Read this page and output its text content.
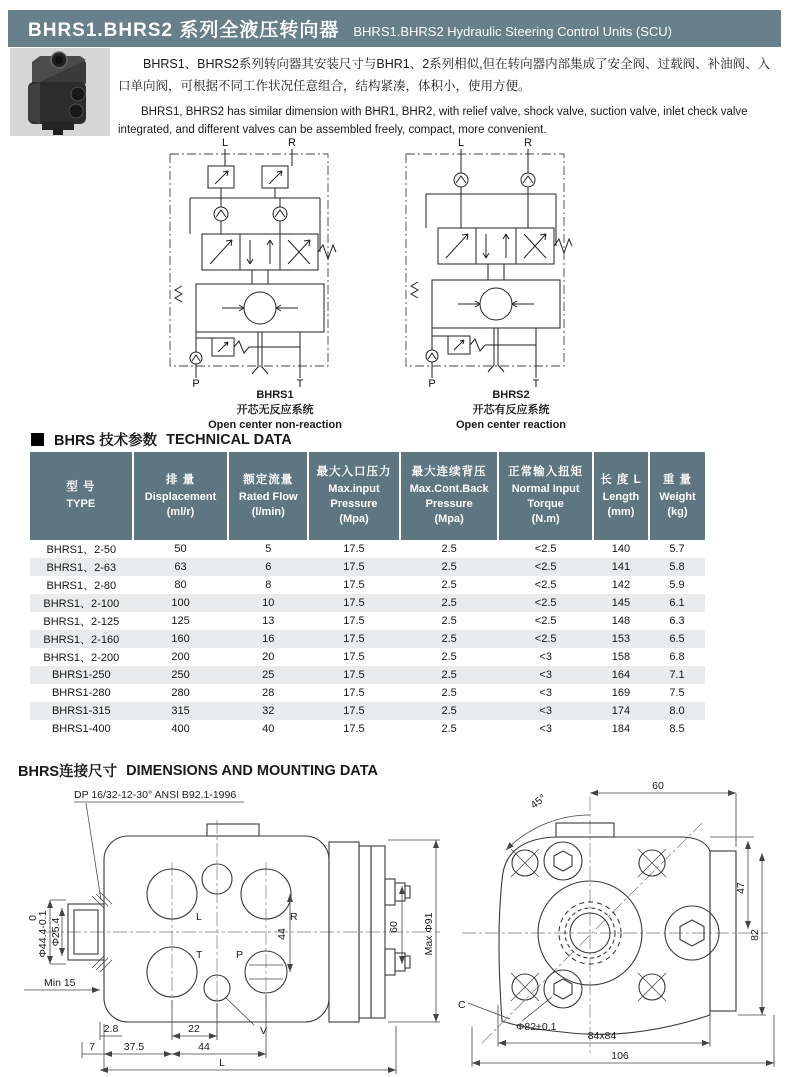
BHRS1.BHRS2 系列全液压转向器 BHRS1.BHRS2 Hydraulic Steering Control Units (SCU)

BHRS1、BHRS2系列转向器其安装尺寸与BHR1、2系列相似,但在转向器内部集成了安全阀、过载阀、补油阀、入口单向阀，可根据不同工作状况任意组合，结构紧凑，体积小，使用方便。

BHRS1, BHRS2 has similar dimension with BHR1, BHR2, with relief valve, shock valve, suction valve, inlet check valve integrated, and different valves can be assembled freely, compact, more convenient.

L	R
P	T
BHRS1
开芯无反应系统
Open center non-reaction
L	R
P	T
BHRS2
开芯有反应系统
Open center reaction
BHRS 技术参数 TECHNICAL DATA
型 号
TYPE

排 量
Displacement
(ml/r)

额定流量
Rated Flow
(l/min)

最大入口压力
Max.input
Pressure
(Mpa)

最大连续背压
Max.Cont.Back
Pressure
(Mpa)

正常输入扭矩
Normal Input
Torque
(N.m)

长 度 L
Length
(mm)

重 量
Weight
(kg)

BHRS1、2-50	50	5	17.5	2.5	<2.5	140	5.7
BHRS1、2-63	63	6	17.5	2.5	<2.5	141	5.8
BHRS1、2-80	80	8	17.5	2.5	<2.5	142	5.9
BHRS1、2-100	100	10	17.5	2.5	<2.5	145	6.1
BHRS1、2-125	125	13	17.5	2.5	<2.5	148	6.3
BHRS1、2-160	160	16	17.5	2.5	<2.5	153	6.5
BHRS1、2-200	200	20	17.5	2.5	<3	158	6.8
BHRS1-250	250	25	17.5	2.5	<3	164	7.1
BHRS1-280	280	28	17.5	2.5	<3	169	7.5
BHRS1-315	315	32	17.5	2.5	<3	174	8.0
BHRS1-400	400	40	17.5	2.5	<3	184	8.5
BHRS连接尺寸 DIMENSIONS AND MOUNTING DATA
DP 16/32-12-30° ANSI B92.1-1996
L	R
T	P
0
Φ44.4-0.1 Φ25.4
Min 15
2.8	22	V
7	37.5	44
L
44
60 Max Φ91
45°
60
47
82
C
Φ82±0.1
84x84
106
